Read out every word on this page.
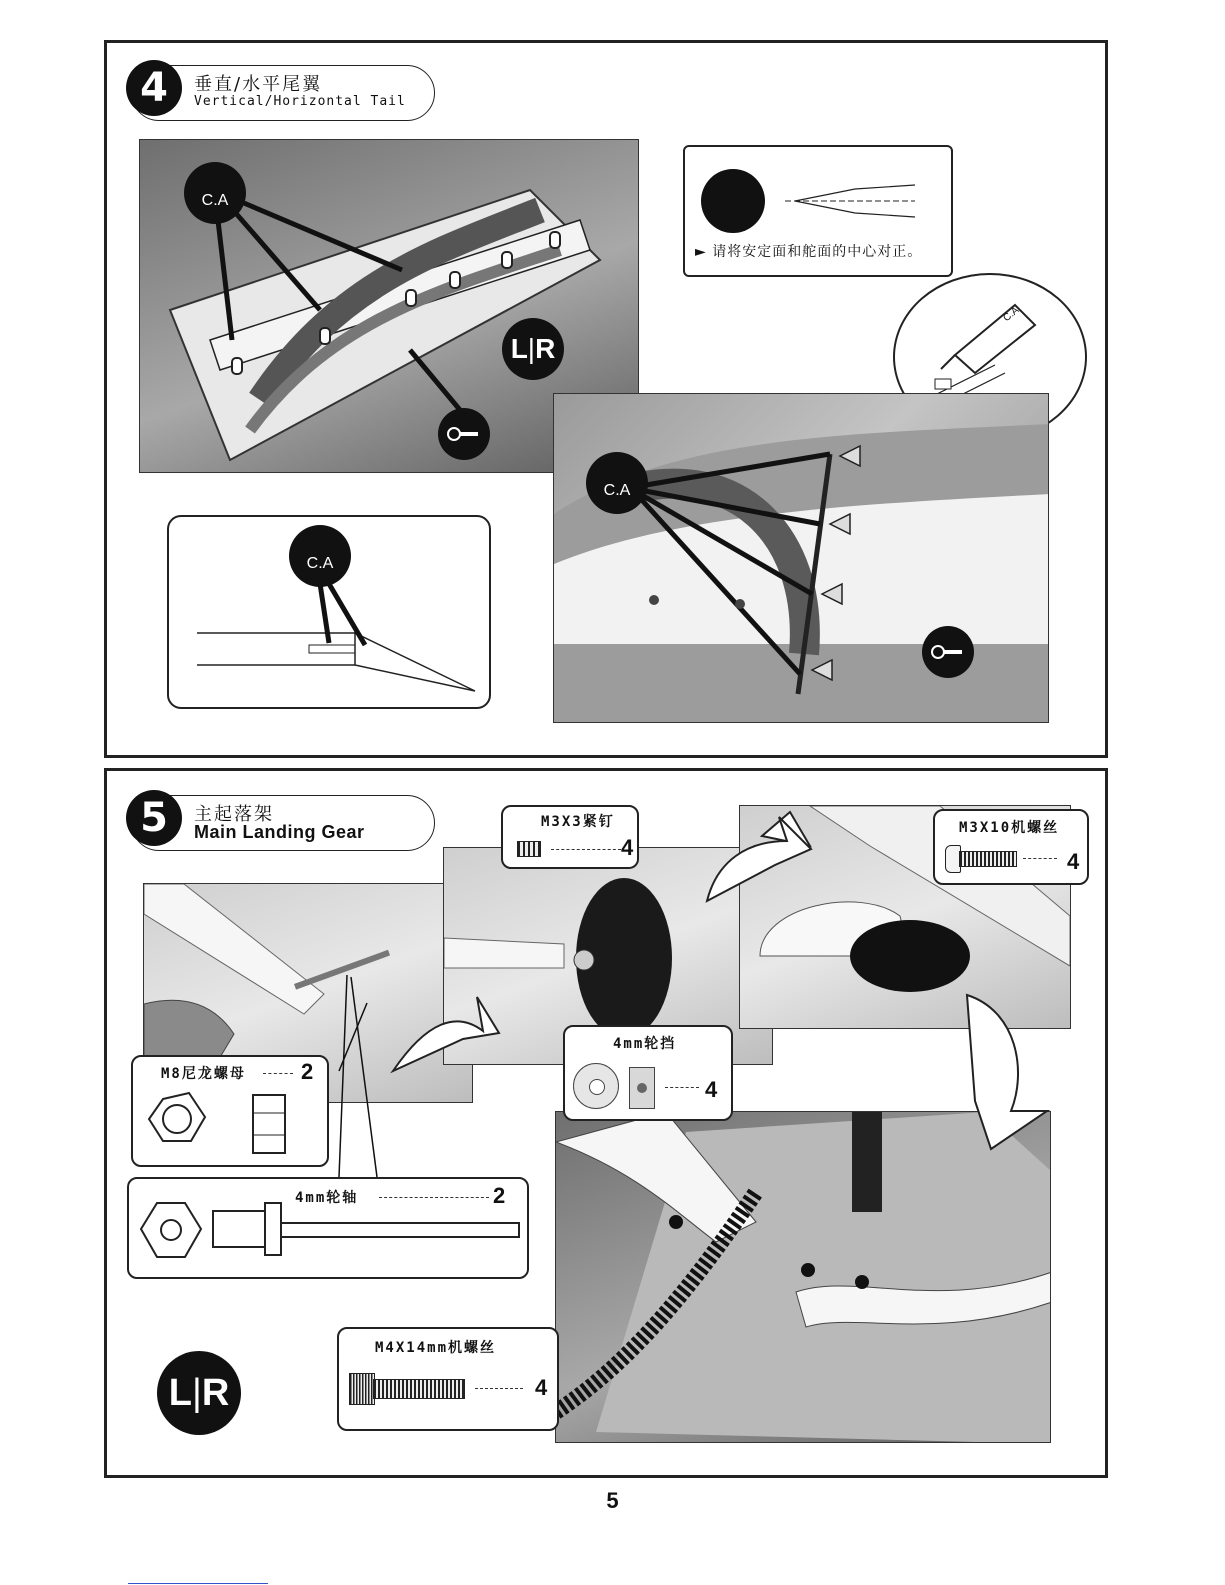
4	垂直/水平尾翼
Vertical/Horizontal Tail
C.A
L | R
► 请将安定面和舵面的中心对正。
C.A
C.A
C.A
5	主起落架
Main Landing Gear	M3X3紧钉
4
M3X10机螺丝
4
4mm轮挡
4
M8尼龙螺母	2
4mm轮轴	2
M4X14mm机螺丝
4
L | R
5
